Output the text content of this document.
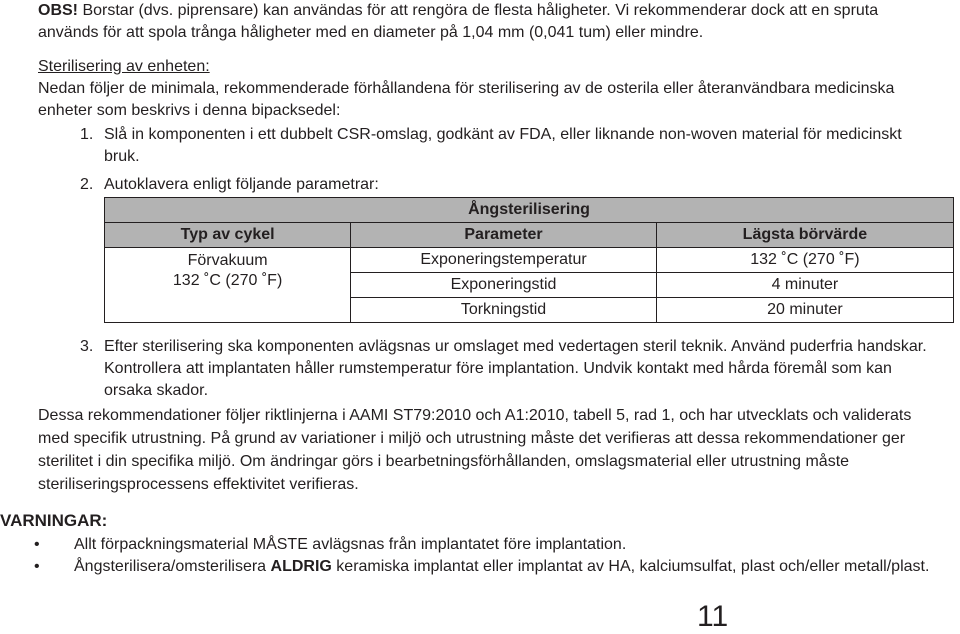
OBS! Borstar (dvs. piprensare) kan användas för att rengöra de flesta håligheter. Vi rekommenderar dock att en spruta används för att spola trånga håligheter med en diameter på 1,04 mm (0,041 tum) eller mindre.
Sterilisering av enheten:
Nedan följer de minimala, rekommenderade förhållandena för sterilisering av de osterila eller återanvändbara medicinska enheter som beskrivs i denna bipacksedel:
1. Slå in komponenten i ett dubbelt CSR-omslag, godkänt av FDA, eller liknande non-woven material för medicinskt bruk.
2. Autoklavera enligt följande parametrar:
Ångsterilisering		
Typ av cykel	Parameter	Lägsta börvärde

Förvakuum
132 ˚C (270 ˚F)	Exponeringstemperatur	132 ˚C (270 ˚F)
	Exponeringstid	4 minuter
	Torkningstid	20 minuter
3. Efter sterilisering ska komponenten avlägsnas ur omslaget med vedertagen steril teknik. Använd puderfria handskar. Kontrollera att implantaten håller rumstemperatur före implantation. Undvik kontakt med hårda föremål som kan orsaka skador.
Dessa rekommendationer följer riktlinjerna i AAMI ST79:2010 och A1:2010, tabell 5, rad 1, och har utvecklats och validerats med specifik utrustning. På grund av variationer i miljö och utrustning måste det verifieras att dessa rekommendationer ger sterilitet i din specifika miljö. Om ändringar görs i bearbetningsförhållanden, omslagsmaterial eller utrustning måste steriliseringsprocessens effektivitet verifieras.
VARNINGAR:
• Allt förpackningsmaterial MÅSTE avlägsnas från implantatet före implantation.
• Ångsterilisera/omsterilisera ALDRIG keramiska implantat eller implantat av HA, kalciumsulfat, plast och/eller metall/plast.
11
